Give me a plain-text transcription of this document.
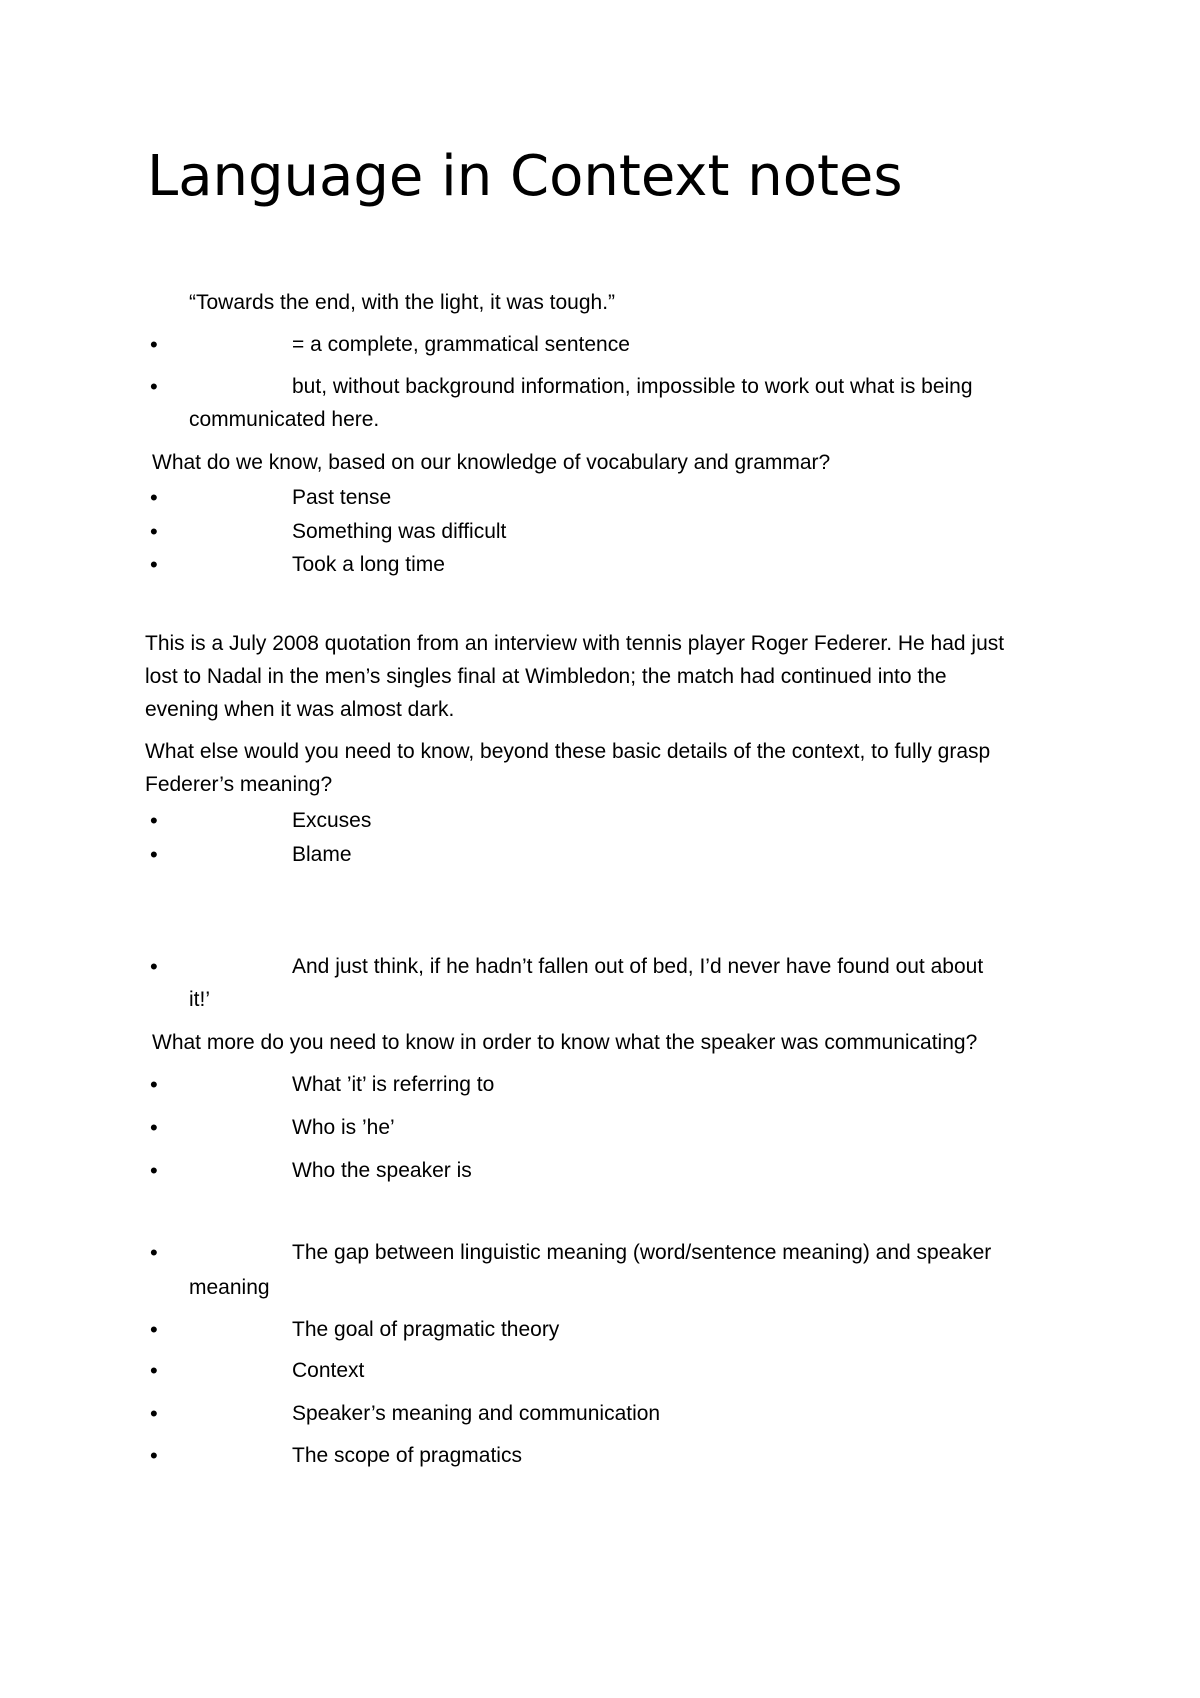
Language in Context notes
“Towards the end, with the light, it was tough.”
•	= a complete, grammatical sentence
•	but, without background information, impossible to work out what is being
communicated here.
What do we know, based on our knowledge of vocabulary and grammar?
•	Past tense
•	Something was difficult
•	Took a long time
This is a July 2008 quotation from an interview with tennis player Roger Federer. He had just
lost to Nadal in the men’s singles final at Wimbledon; the match had continued into the
evening when it was almost dark.
What else would you need to know, beyond these basic details of the context, to fully grasp
Federer’s meaning?
•	Excuses
•	Blame
•	And just think, if he hadn’t fallen out of bed, I’d never have found out about
it!’
What more do you need to know in order to know what the speaker was communicating?
•	What ’it’ is referring to
•	Who is ’he’
•	Who the speaker is
•	The gap between linguistic meaning (word/sentence meaning) and speaker
meaning
•	The goal of pragmatic theory
•	Context
•	Speaker’s meaning and communication
•	The scope of pragmatics
